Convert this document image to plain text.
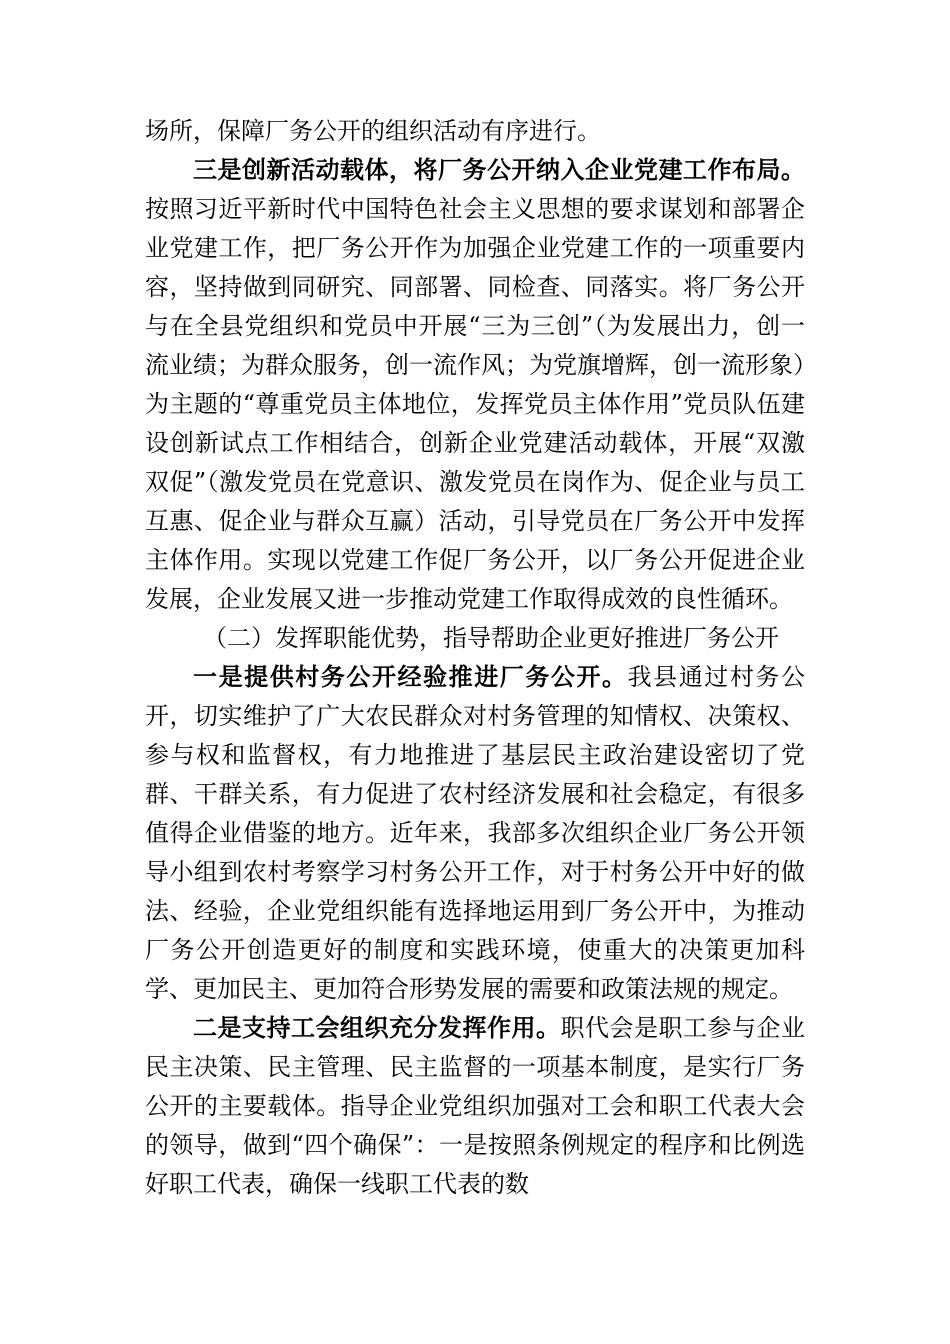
场所，保障厂务公开的组织活动有序进行。

三是创新活动载体，将厂务公开纳入企业党建工作布局。按照习近平新时代中国特色社会主义思想的要求谋划和部署企业党建工作，把厂务公开作为加强企业党建工作的一项重要内容，坚持做到同研究、同部署、同检查、同落实。将厂务公开与在全县党组织和党员中开展“三为三创”（为发展出力，创一流业绩；为群众服务，创一流作风；为党旗增辉，创一流形象）为主题的“尊重党员主体地位，发挥党员主体作用”党员队伍建设创新试点工作相结合，创新企业党建活动载体，开展“双激双促”（激发党员在党意识、激发党员在岗作为、促企业与员工互惠、促企业与群众互赢）活动，引导党员在厂务公开中发挥主体作用。实现以党建工作促厂务公开，以厂务公开促进企业发展，企业发展又进一步推动党建工作取得成效的良性循环。

（二）发挥职能优势，指导帮助企业更好推进厂务公开

一是提供村务公开经验推进厂务公开。我县通过村务公开，切实维护了广大农民群众对村务管理的知情权、决策权、参与权和监督权，有力地推进了基层民主政治建设密切了党群、干群关系，有力促进了农村经济发展和社会稳定，有很多值得企业借鉴的地方。近年来，我部多次组织企业厂务公开领导小组到农村考察学习村务公开工作，对于村务公开中好的做法、经验，企业党组织能有选择地运用到厂务公开中，为推动厂务公开创造更好的制度和实践环境，使重大的决策更加科学、更加民主、更加符合形势发展的需要和政策法规的规定。

二是支持工会组织充分发挥作用。职代会是职工参与企业民主决策、民主管理、民主监督的一项基本制度，是实行厂务公开的主要载体。指导企业党组织加强对工会和职工代表大会的领导，做到“四个确保”：一是按照条例规定的程序和比例选好职工代表，确保一线职工代表的数
